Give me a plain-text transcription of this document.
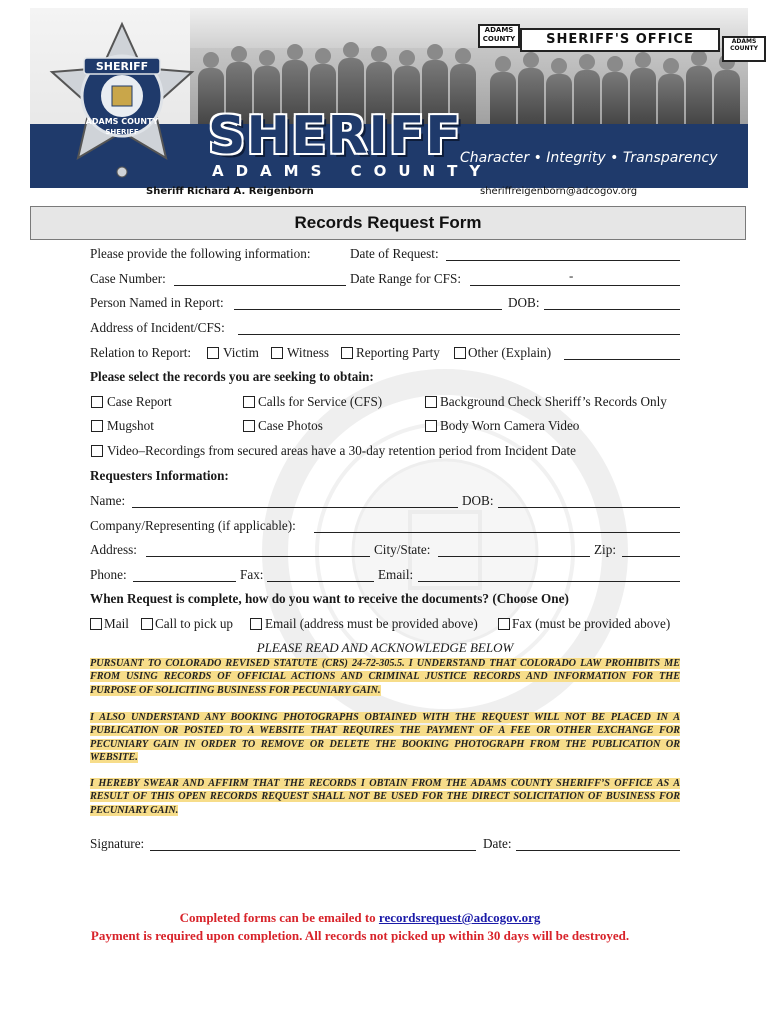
ADAMS COUNTY	SHERIFF'S OFFICE	ADAMS COUNTY
ADAMS COUNTY
Character • Integrity • Transparency
SHERIFF
SHERIFF
ADAMS COUNTY
SHERIFF
Sheriff Richard A. Reigenborn	sheriffreigenborn@adcogov.org
Records Request Form
Please provide the following information:	Date of Request:
Case Number:	Date Range for CFS:	-
Person Named in Report:	DOB:
Address of Incident/CFS:
Relation to Report: Victim Witness Reporting Party Other (Explain)
Please select the records you are seeking to obtain:
Case Report	Calls for Service (CFS)	Background Check Sheriff’s Records Only
Mugshot	Case Photos	Body Worn Camera Video
Video–Recordings from secured areas have a 30-day retention period from Incident Date
Requesters Information:
Name:	DOB:
Company/Representing (if applicable):
Address:	City/State:	Zip:
Phone:	Fax:	Email:
When Request is complete, how do you want to receive the documents? (Choose One)
Mail Call to pick up Email (address must be provided above)	Fax (must be provided above)
PLEASE READ AND ACKNOWLEDGE BELOW
PURSUANT TO COLORADO REVISED STATUTE (CRS) 24-72-305.5. I UNDERSTAND THAT COLORADO LAW PROHIBITS ME FROM USING RECORDS OF OFFICIAL ACTIONS AND CRIMINAL JUSTICE RECORDS AND INFORMATION FOR THE PURPOSE OF SOLICITING BUSINESS FOR PECUNIARY GAIN.
I ALSO UNDERSTAND ANY BOOKING PHOTOGRAPHS OBTAINED WITH THE REQUEST WILL NOT BE PLACED IN A PUBLICATION OR POSTED TO A WEBSITE THAT REQUIRES THE PAYMENT OF A FEE OR OTHER EXCHANGE FOR PECUNIARY GAIN IN ORDER TO REMOVE OR DELETE THE BOOKING PHOTOGRAPH FROM THE PUBLICATION OR WEBSITE.
I HEREBY SWEAR AND AFFIRM THAT THE RECORDS I OBTAIN FROM THE ADAMS COUNTY SHERIFF’S OFFICE AS A RESULT OF THIS OPEN RECORDS REQUEST SHALL NOT BE USED FOR THE DIRECT SOLICITATION OF BUSINESS FOR PECUNIARY GAIN.
Signature:	Date:
Completed forms can be emailed to recordsrequest@adcogov.org
Payment is required upon completion. All records not picked up within 30 days will be destroyed.
